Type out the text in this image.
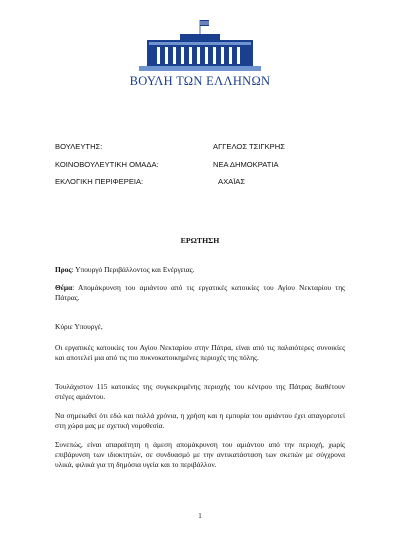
ΒΟΥΛΗ ΤΩΝ ΕΛΛΗΝΩΝ
ΒΟΥΛΕΥΤΗΣ:	ΑΓΓΕΛΟΣ ΤΣΙΓΚΡΗΣ
ΚΟΙΝΟΒΟΥΛΕΥΤΙΚΗ ΟΜΑΔΑ:	ΝΕΑ ΔΗΜΟΚΡΑΤΙΑ
ΕΚΛΟΓΙΚΗ ΠΕΡΙΦΕΡΕΙΑ:	ΑΧΑΪΑΣ
ΕΡΩΤΗΣΗ
Προς: Υπουργό Περιβάλλοντος και Ενέργειας.
Θέμα: Απομάκρυνση του αμιάντου από τις εργατικές κατοικίες του Αγίου Νεκταρίου της Πάτρας.
Κύριε Υπουργέ,
Οι εργατικές κατοικίες του Αγίου Νεκταρίου στην Πάτρα, είναι από τις παλαιότερες συνοικίες και αποτελεί μια από τις πιο πυκνοκατοικημένες περιοχές της πόλης.
Τουλάχιστον 115 κατοικίες της συγκεκριμένης περιοχής του κέντρου της Πάτρας διαθέτουν στέγες αμιάντου.
Να σημειωθεί ότι εδώ και πολλά χρόνια, η χρήση και η εμπορία του αμιάντου έχει απαγορευτεί στη χώρα μας με σχετική νομοθεσία.
Συνεπώς, είναι απαραίτητη η άμεση απομάκρυνση του αμιάντου από την περιοχή, χωρίς επιβάρυνση των ιδιοκτητών, σε συνδυασμό με την αντικατάσταση των σκεπών με σύγχρονα υλικά, φιλικά για τη δημόσια υγεία και το περιβάλλον.
1
